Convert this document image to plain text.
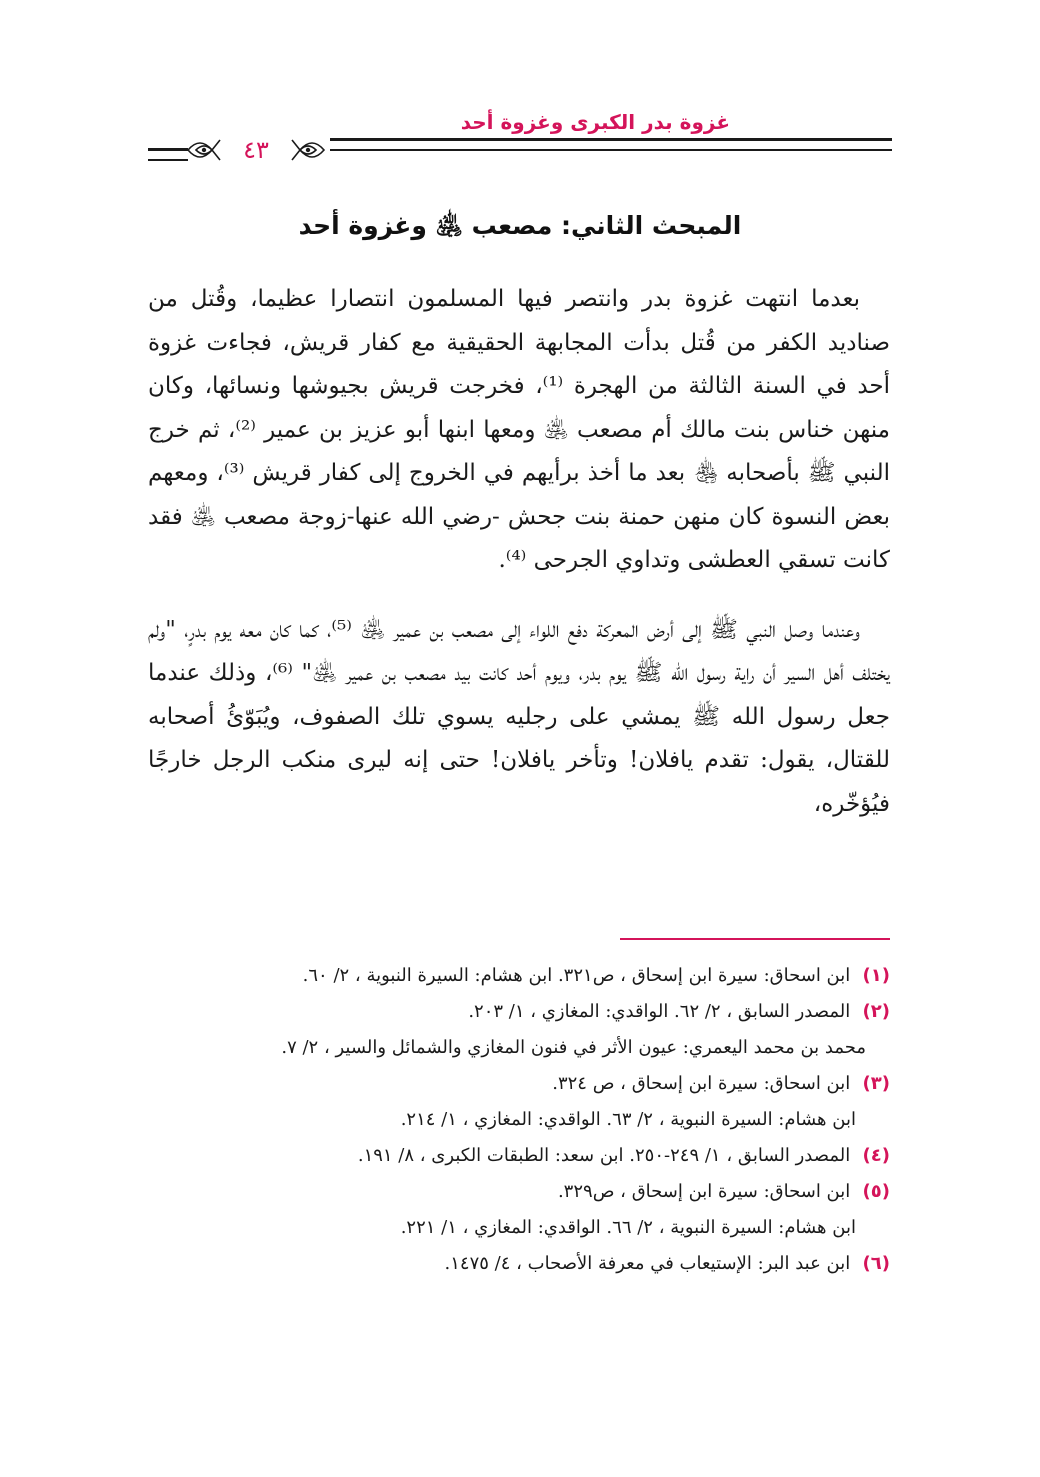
غزوة بدر الكبرى وغزوة أحد
٤٣
المبحث الثاني: مصعب ﵁ وغزوة أحد

بعدما انتهت غزوة بدر وانتصر فيها المسلمون انتصارا عظيما، وقُتل من صناديد الكفر من قُتل بدأت المجابهة الحقيقية مع كفار قريش، فجاءت غزوة أحد في السنة الثالثة من الهجرة ⁽¹⁾، فخرجت قريش بجيوشها ونسائها، وكان منهن خناس بنت مالك أم مصعب ﵁ ومعها ابنها أبو عزيز بن عمير ⁽²⁾، ثم خرج النبي ﷺ بأصحابه ﵃ بعد ما أخذ برأيهم في الخروج إلى كفار قريش ⁽³⁾، ومعهم بعض النسوة كان منهن حمنة بنت جحش -رضي الله عنها-زوجة مصعب ﵁ فقد كانت تسقي العطشى وتداوي الجرحى ⁽⁴⁾.

وعندما وصل النبي ﷺ إلى أرض المعركة دفع اللواء إلى مصعب بن عمير ﵁ ⁽⁵⁾، كما كان معه يوم بدرٍ، "ولم يختلف أهل السير أن راية رسول الله ﷺ يوم بدر، ويوم أحد كانت بيد مصعب بن عمير ﵁" ⁽⁶⁾، وذلك عندما جعل رسول الله ﷺ يمشي على رجليه يسوي تلك الصفوف، ويُبَوّئُ أصحابه للقتال، يقول: تقدم يافلان! وتأخر يافلان! حتى إنه ليرى منكب الرجل خارجًا فيُؤخّره،

(١) ابن اسحاق: سيرة ابن إسحاق ، ص٣٢١. ابن هشام: السيرة النبوية ، ٢/ ٦٠.
(٢) المصدر السابق ، ٢/ ٦٢. الواقدي: المغازي ، ١/ ٢٠٣.
محمد بن محمد اليعمري: عيون الأثر في فنون المغازي والشمائل والسير ، ٢/ ٧.
(٣) ابن اسحاق: سيرة ابن إسحاق ، ص ٣٢٤.
ابن هشام: السيرة النبوية ، ٢/ ٦٣. الواقدي: المغازي ، ١/ ٢١٤.
(٤) المصدر السابق ، ١/ ٢٤٩-٢٥٠. ابن سعد: الطبقات الكبرى ، ٨/ ١٩١.
(٥) ابن اسحاق: سيرة ابن إسحاق ، ص٣٢٩.
ابن هشام: السيرة النبوية ، ٢/ ٦٦. الواقدي: المغازي ، ١/ ٢٢١.
(٦) ابن عبد البر: الإستيعاب في معرفة الأصحاب ، ٤/ ١٤٧٥.
